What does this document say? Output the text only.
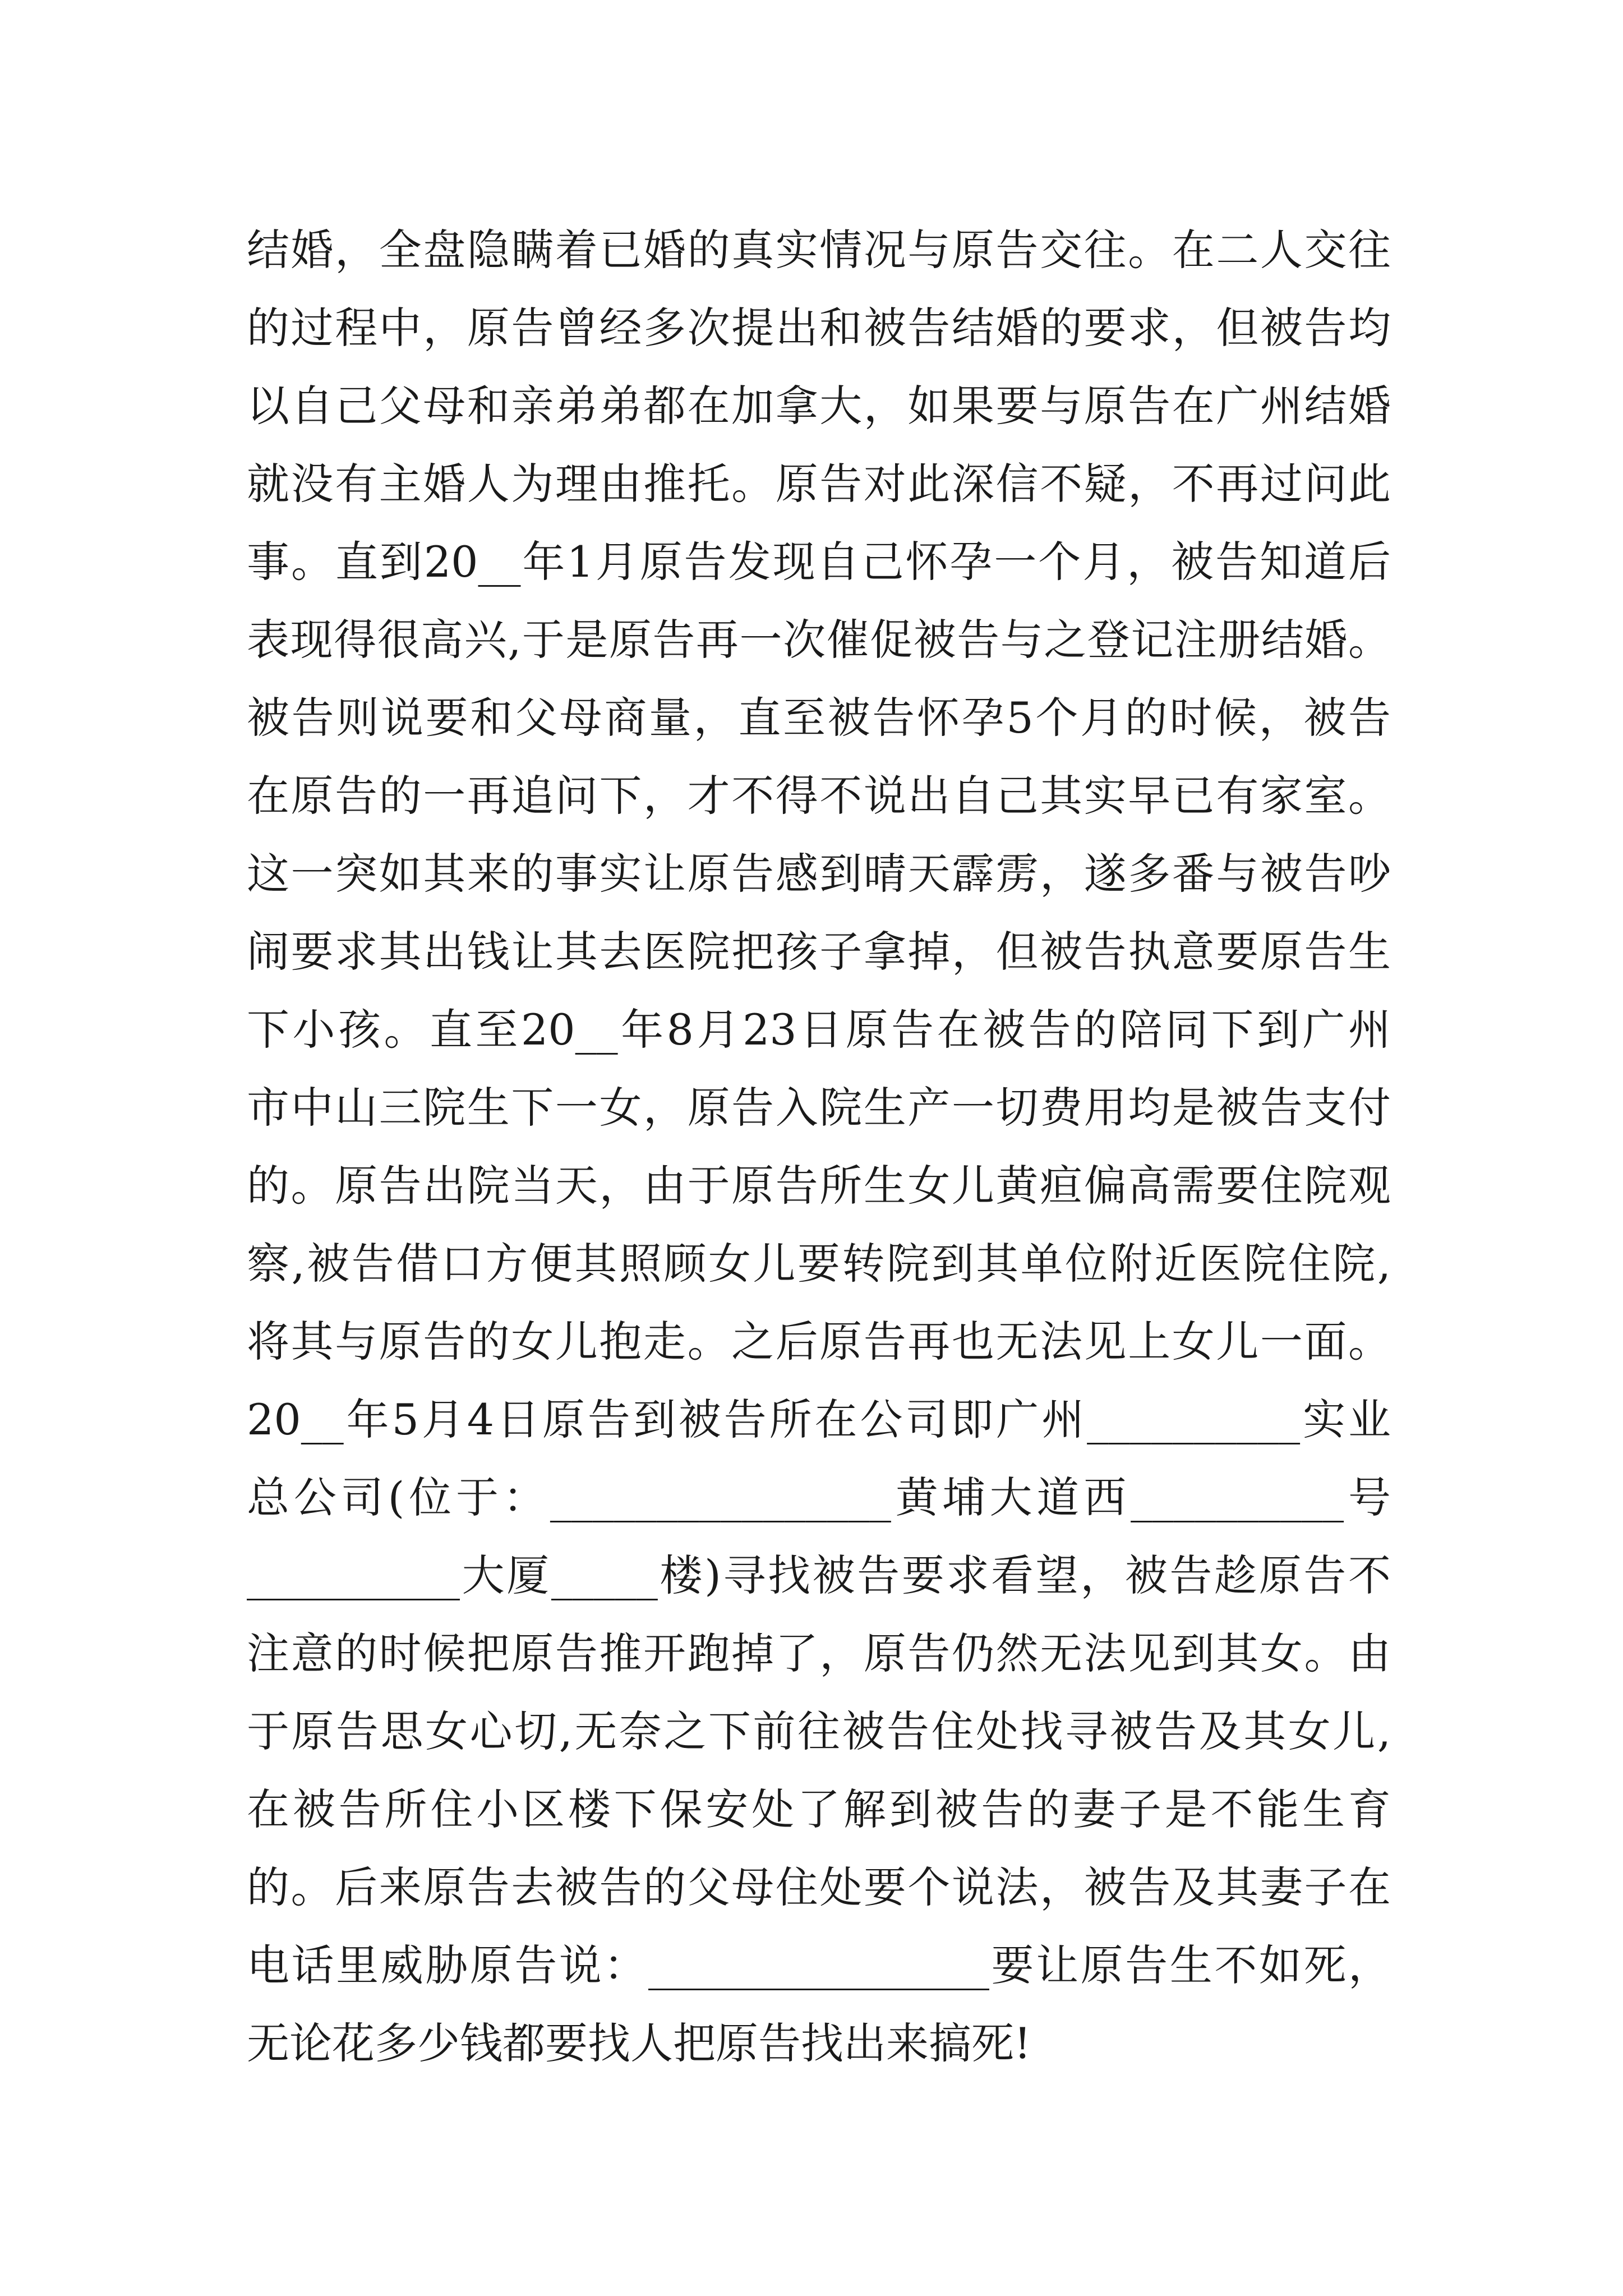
结婚，全盘隐瞒着已婚的真实情况与原告交往。在二人交往
的过程中，原告曾经多次提出和被告结婚的要求，但被告均
以自己父母和亲弟弟都在加拿大，如果要与原告在广州结婚
就没有主婚人为理由推托。原告对此深信不疑，不再过问此
事。直到20__年1月原告发现自己怀孕一个月，被告知道后
表现得很高兴,于是原告再一次催促被告与之登记注册结婚。
被告则说要和父母商量，直至被告怀孕5个月的时候，被告
在原告的一再追问下，才不得不说出自己其实早已有家室。
这一突如其来的事实让原告感到晴天霹雳，遂多番与被告吵
闹要求其出钱让其去医院把孩子拿掉，但被告执意要原告生
下小孩。直至20__年8月23日原告在被告的陪同下到广州
市中山三院生下一女，原告入院生产一切费用均是被告支付
的。原告出院当天，由于原告所生女儿黄疸偏高需要住院观
察,被告借口方便其照顾女儿要转院到其单位附近医院住院,
将其与原告的女儿抱走。之后原告再也无法见上女儿一面。
20__年5月4日原告到被告所在公司即广州__________实业
总公司(位于：________________黄埔大道西__________号
__________大厦_____楼)寻找被告要求看望，被告趁原告不
注意的时候把原告推开跑掉了，原告仍然无法见到其女。由
于原告思女心切,无奈之下前往被告住处找寻被告及其女儿,
在被告所住小区楼下保安处了解到被告的妻子是不能生育
的。后来原告去被告的父母住处要个说法，被告及其妻子在
电话里威胁原告说：________________要让原告生不如死，
无论花多少钱都要找人把原告找出来搞死!
